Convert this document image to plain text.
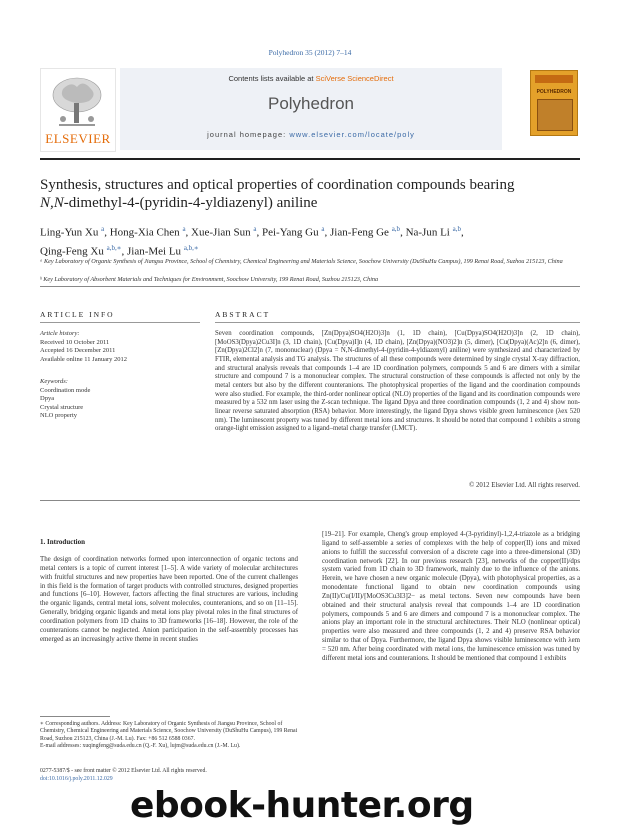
Polyhedron 35 (2012) 7–14
ELSEVIER
Contents lists available at SciVerse ScienceDirect
Polyhedron
journal homepage: www.elsevier.com/locate/poly
POLYHEDRON
Synthesis, structures and optical properties of coordination compounds bearing
N,N-dimethyl-4-(pyridin-4-yldiazenyl) aniline
Ling-Yun Xu $^a$, Hong-Xia Chen $^a$, Xue-Jian Sun $^a$, Pei-Yang Gu $^a$, Jian-Feng Ge $^{a,b}$, Na-Jun Li $^{a,b}$,
Qing-Feng Xu $^{a,b,∗}$, Jian-Mei Lu $^{a,b,∗}$
ᵃ Key Laboratory of Organic Synthesis of Jiangsu Province, School of Chemistry, Chemical Engineering and Materials Science, Soochow University (DuShuHu Campus), 199 Renai Road, Suzhou 215123, China
ᵇ Key Laboratory of Absorbent Materials and Techniques for Environment, Soochow University, 199 Renai Road, Suzhou 215123, China
ARTICLE INFO	ABSTRACT
Article history:
Received 10 October 2011
Accepted 16 December 2011
Available online 11 January 2012
Keywords:
Coordination mode
Dpya
Crystal structure
NLO property
Seven coordination compounds, [Zn(Dpya)SO4(H2O)3]n (1, 1D chain), [Cu(Dpya)SO4(H2O)3]n (2, 1D chain), [MoOS3(Dpya)2Cu3I]n (3, 1D chain), [Cu(Dpya)I]n (4, 1D chain), [Zn(Dpya)(NO3)2]n (5, dimer), [Cu(Dpya)(Ac)2]n (6, dimer), [Zn(Dpya)2Cl2]n (7, mononuclear) (Dpya = N,N-dimethyl-4-(pyridin-4-yldiazenyl) aniline) were synthesized and characterized by FTIR, elemental analysis and TG analysis. The structures of all these compounds were determined by single crystal X-ray diffraction, and structural analysis reveals that compounds 1–4 are 1D coordination polymers, compounds 5 and 6 are dimers with a similar structure and compound 7 is a mononuclear complex. The structural construction of these compounds is affected not only by the metal centers but also by the different counteranions. The photophysical properties of the ligand and the coordination compounds were also studied. For example, the third-order nonlinear optical (NLO) properties of the ligand and its coordination compounds were measured by a 532 nm laser using the Z-scan technique. The ligand Dpya and three coordination compounds (1, 2 and 4) show non-linear reverse saturated absorption (RSA) behavior. More interestingly, the ligand Dpya shows visible green luminescence (λex 520 nm). The luminescent property was tuned by different metal ions and structures. It should be noted that compound 1 exhibits a strong orange-light emission assigned to a ligand–metal charge transfer (LMCT).
© 2012 Elsevier Ltd. All rights reserved.
1. Introduction
The design of coordination networks formed upon interconnection of organic tectons and metal centers is a topic of current interest [1–5]. A wide variety of molecular architectures with fruitful structures and new properties have been reported. One of the current challenges in this field is the formation of target products with controlled structures, designed properties and functions [6–10]. However, factors affecting the final structures are various, including the organic ligands, central metal ions, solvent molecules, counteranions, and so on [11–15]. Generally, bridging organic ligands and metal ions play pivotal roles in the final structures of coordination polymers from 1D chains to 3D frameworks [16–18]. However, the role of the counteranions cannot be neglected. Anion participation in the self-assembly processes has emerged as an increasingly active theme in recent studies
[19–21]. For example, Cheng's group employed 4-(3-pyridinyl)-1,2,4-triazole as a bridging ligand to self-assemble a series of complexes with the help of copper(II) ions and mixed anions to fulfill the successful conversion of a discrete cage into a three-dimensional (3D) coordination network [22]. In our previous research [23], networks of the copper(II)/dps system varied from 1D chain to 3D framework, mainly due to the influence of the anions. Herein, we have chosen a new organic molecule (Dpya), with photophysical properties, as a monodentate functional ligand to obtain new coordination compounds using Zn(II)/Cu(I/II)/[MoOS3Cu3I3]2− as metal tectons. Seven new compounds have been obtained and their structural analysis reveal that compounds 1–4 are 1D coordination polymers, compounds 5 and 6 are dimers and compound 7 is a mononuclear complex. The anions play an important role in the structural architectures. Their NLO (nonlinear optical) properties were also measured and three compounds (1, 2 and 4) preserve RSA behavior similar to that of Dpya. Furthermore, the ligand Dpya shows visible luminescence with λem = 520 nm. After being coordinated with metal ions, the luminescence emission was tuned by different metal ions and counteranions. It should be mentioned that compound 1 exhibits
∗ Corresponding authors. Address: Key Laboratory of Organic Synthesis of Jiangsu Province, School of Chemistry, Chemical Engineering and Materials Science, Soochow University (DuShuHu Campus), 199 Renai Road, Suzhou 215123, China (J.-M. Lu). Fax: +86 512 6588 0367.
E-mail addresses: xuqingfeng@suda.edu.cn (Q.-F. Xu), lujm@suda.edu.cn (J.-M. Lu).
0277-5387/$ - see front matter © 2012 Elsevier Ltd. All rights reserved.
doi:10.1016/j.poly.2011.12.029
ebook-hunter.org
